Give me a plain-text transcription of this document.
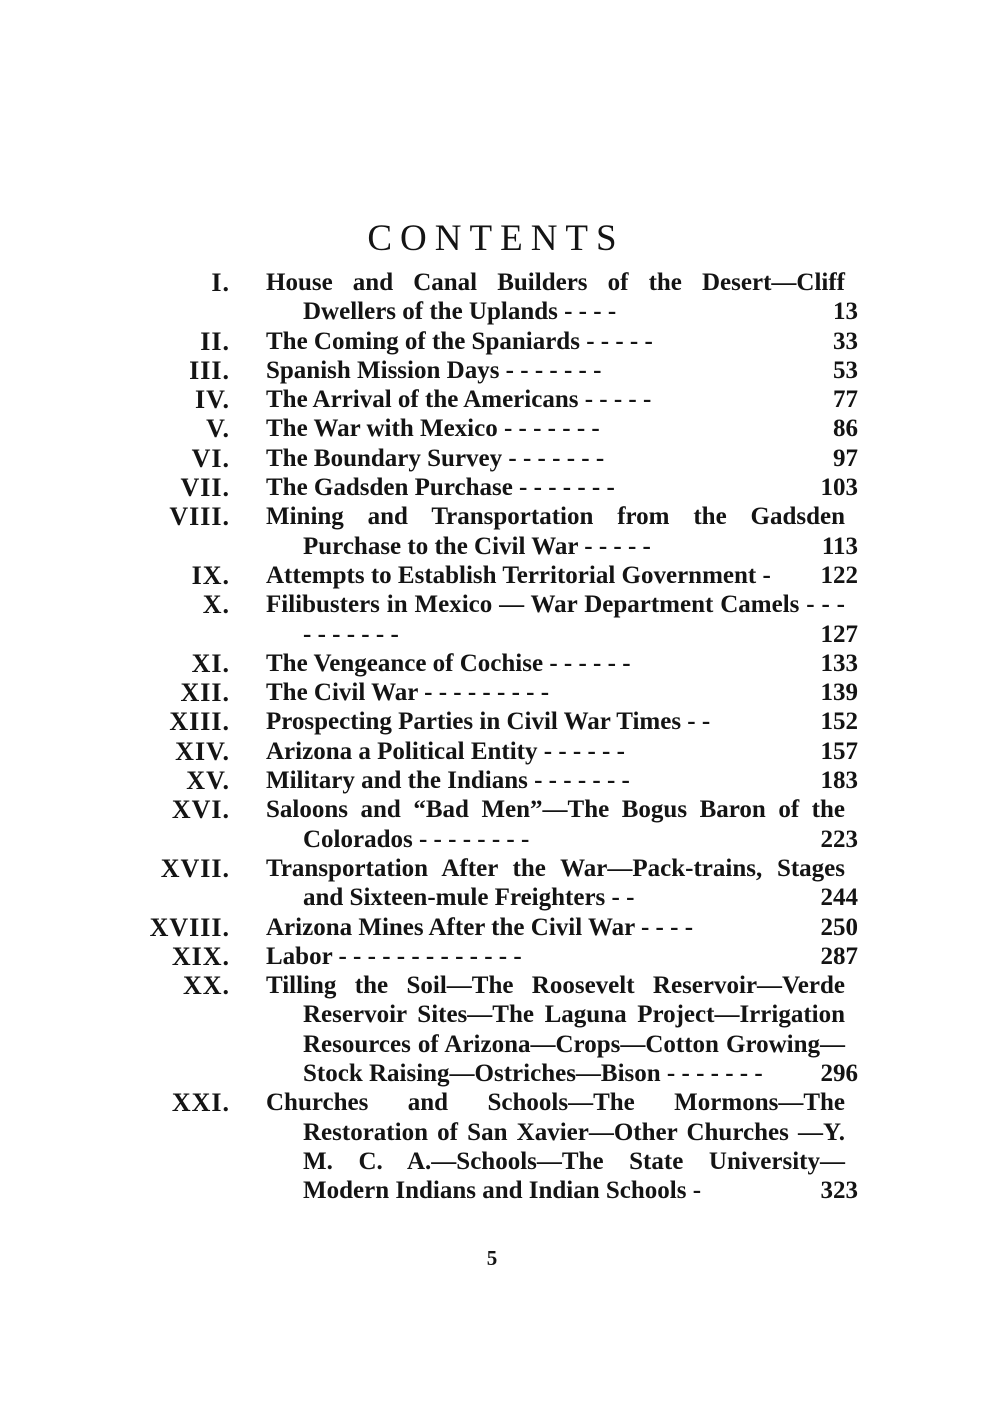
CONTENTS
I. House and Canal Builders of the Desert—Cliff Dwellers of the Uplands - - - -	13
II. The Coming of the Spaniards - - - - -	33
III. Spanish Mission Days - - - - - - -	53
IV. The Arrival of the Americans - - - - -	77
V. The War with Mexico - - - - - - -	86
VI. The Boundary Survey - - - - - - -	97
VII. The Gadsden Purchase - - - - - - -	103
VIII. Mining and Transportation from the Gadsden Purchase to the Civil War - - - - -	113
IX. Attempts to Establish Territorial Government -	122
X. Filibusters in Mexico — War Department Camels - - - - - - - - - -	127
XI. The Vengeance of Cochise - - - - - -	133
XII. The Civil War - - - - - - - - -	139
XIII. Prospecting Parties in Civil War Times - -	152
XIV. Arizona a Political Entity - - - - - -	157
XV. Military and the Indians - - - - - - -	183
XVI. Saloons and “Bad Men”—The Bogus Baron of the Colorados - - - - - - - -	223
XVII. Transportation After the War—Pack-trains, Stages and Sixteen-mule Freighters - -	244
XVIII. Arizona Mines After the Civil War - - - -	250
XIX. Labor - - - - - - - - - - - - -	287
XX. Tilling the Soil—The Roosevelt Reservoir—Verde Reservoir Sites—The Laguna Project—Irrigation Resources of Arizona—Crops—Cotton Growing—Stock Raising—Ostriches—Bison - - - - - - -	296
XXI. Churches and Schools—The Mormons—The Restoration of San Xavier—Other Churches —Y. M. C. A.—Schools—The State University—Modern Indians and Indian Schools -	323
5
